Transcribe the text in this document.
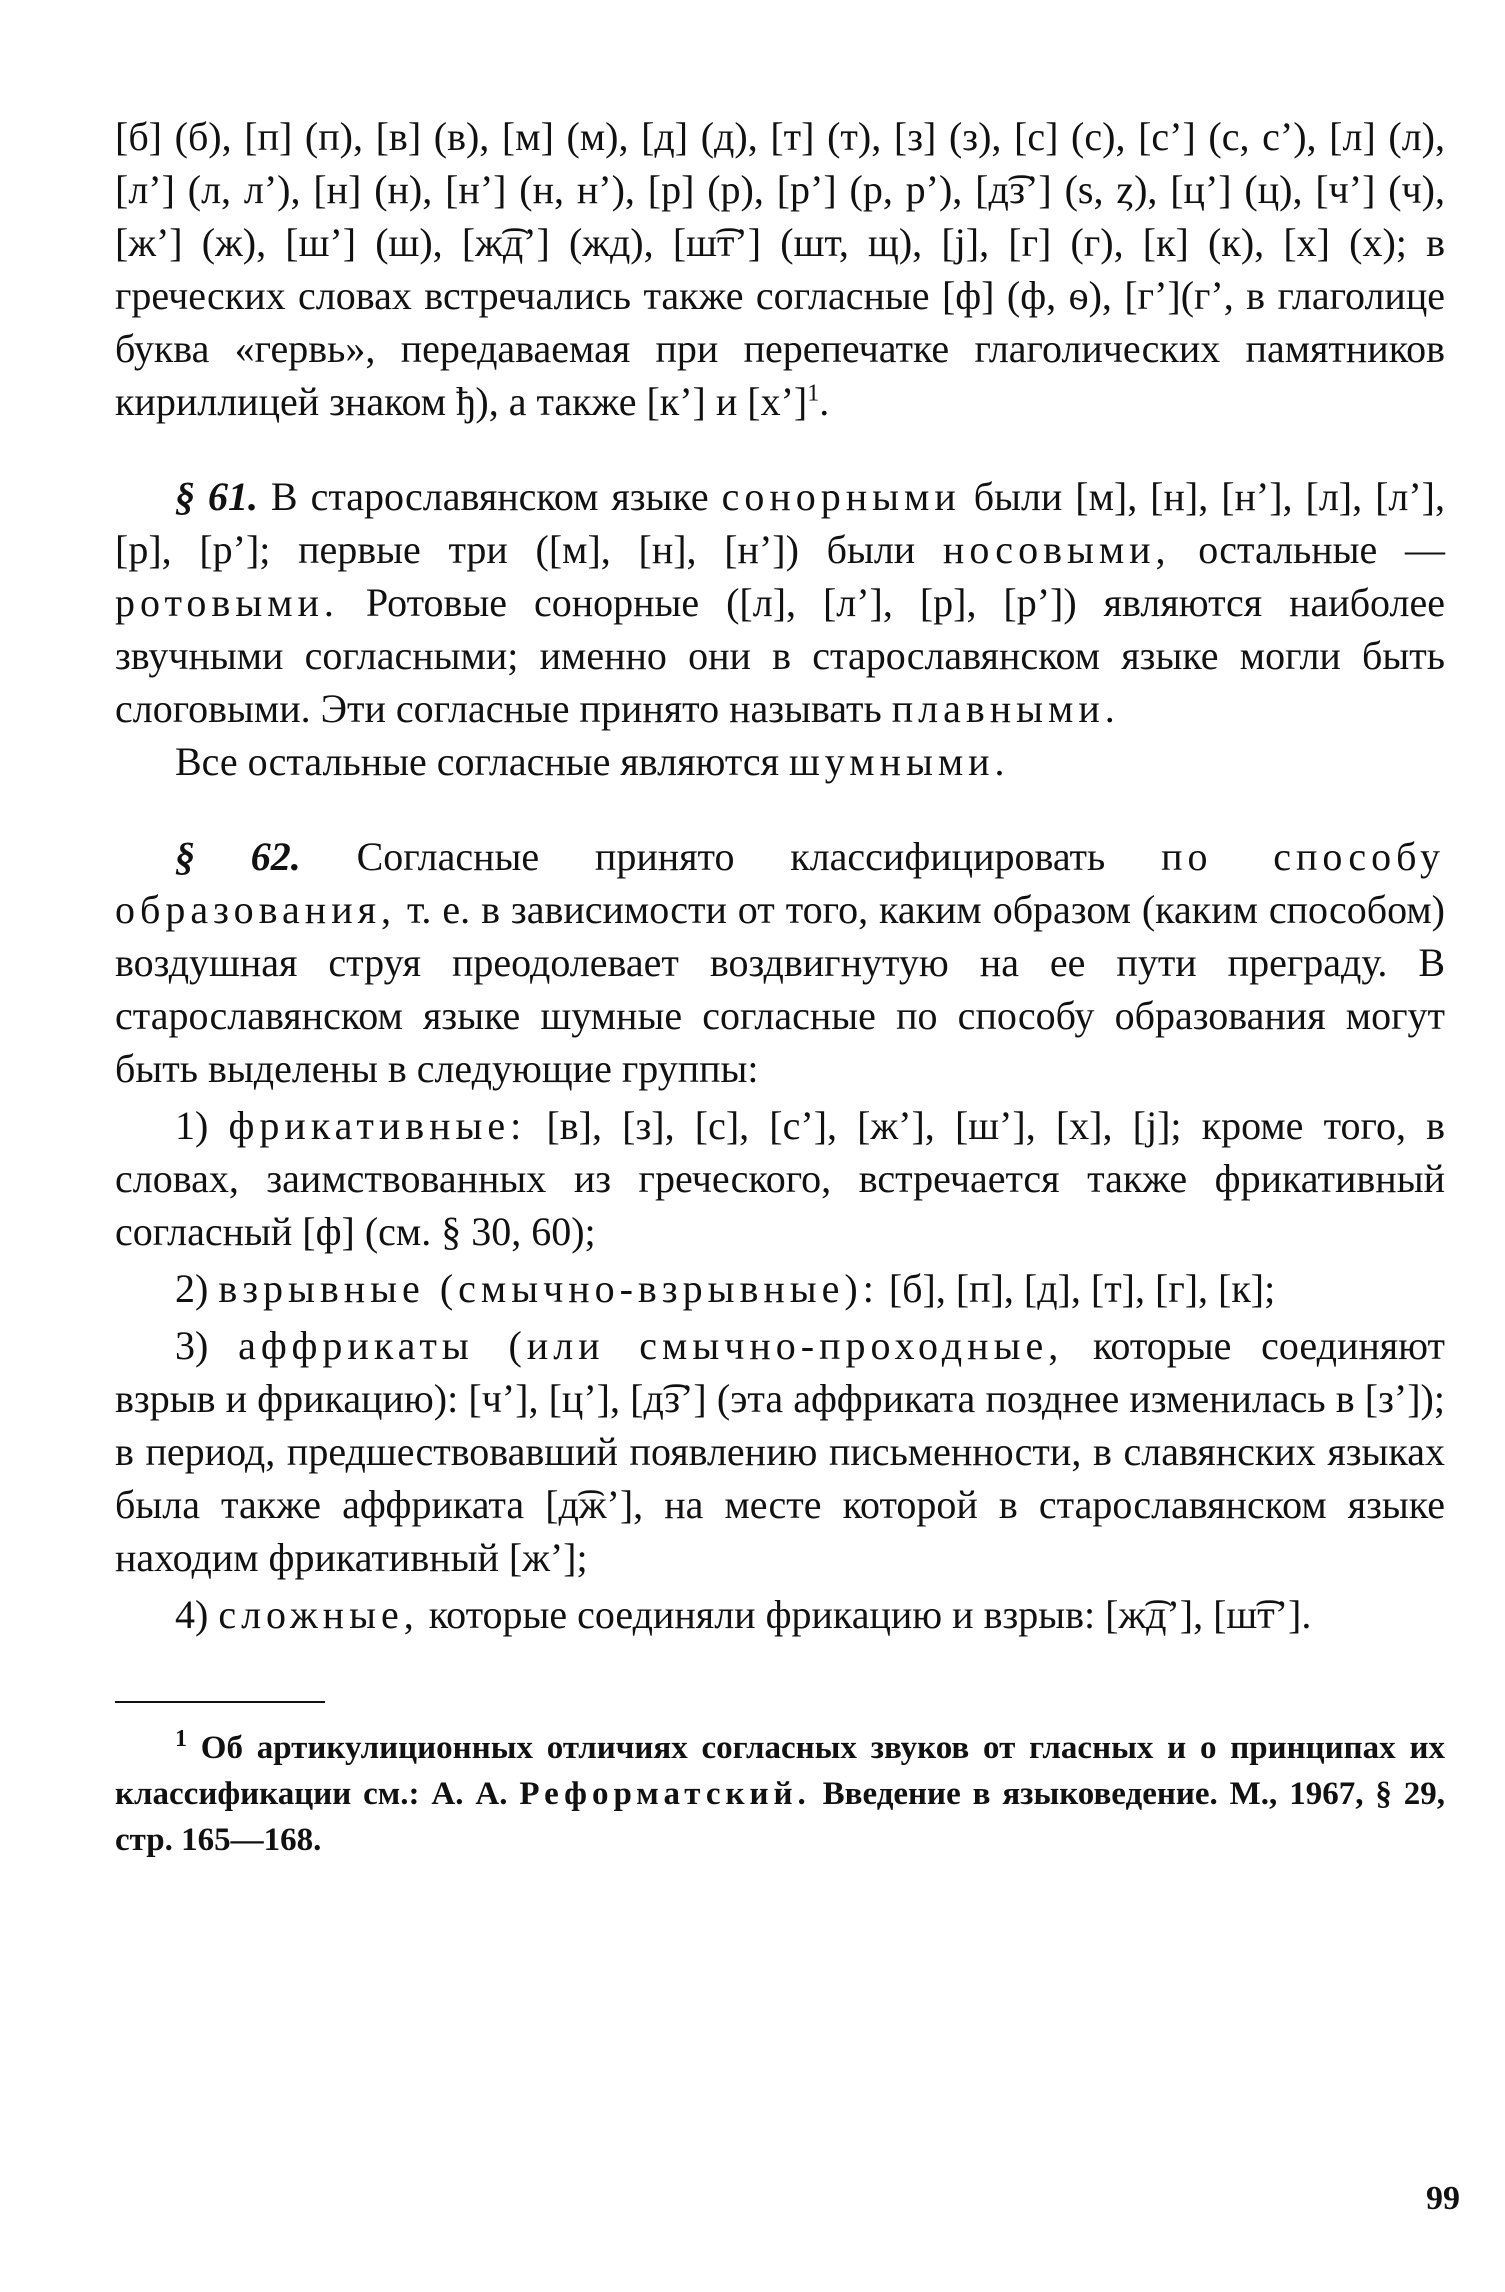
[б] (б), [п] (п), [в] (в), [м] (м), [д] (д), [т] (т), [з] (з), [с] (с), [с’] (с, с’), [л] (л), [л’] (л, л’), [н] (н), [н’] (н, н’), [р] (р), [р’] (р, р’), [д͡з’] (ѕ, ȥ), [ц’] (ц), [ч’] (ч), [ж’] (ж), [ш’] (ш), [ж͡д’] (жд), [ш͡т’] (шт, щ), [j], [г] (г), [к] (к), [х] (х); в греческих словах встречались также согласные [ф] (ф, ѳ), [г’](г’, в глаголице буква «гервь», передаваемая при перепечатке глаголических памятников кириллицей знаком ђ), а также [к’] и [х’]$^1$.

§ 61. В старославянском языке сонорными были [м], [н], [н’], [л], [л’], [р], [р’]; первые три ([м], [н], [н’]) были носовыми, остальные — ротовыми. Ротовые сонорные ([л], [л’], [р], [р’]) являются наиболее звучными согласными; именно они в старославянском языке могли быть слоговыми. Эти согласные принято называть плавными.

Все остальные согласные являются шумными.

§ 62. Согласные принято классифицировать по способу образования, т. е. в зависимости от того, каким образом (каким способом) воздушная струя преодолевает воздвигнутую на ее пути преграду. В старославянском языке шумные согласные по способу образования могут быть выделены в следующие группы:

1) фрикативные: [в], [з], [с], [с’], [ж’], [ш’], [х], [j]; кроме того, в словах, заимствованных из греческого, встречается также фрикативный согласный [ф] (см. § 30, 60);

2) взрывные (смычно-взрывные): [б], [п], [д], [т], [г], [к];

3) аффрикаты (или смычно-проходные, которые соединяют взрыв и фрикацию): [ч’], [ц’], [д͡з’] (эта аффриката позднее изменилась в [з’]); в период, предшествовавший появлению письменности, в славянских языках была также аффриката [д͡ж’], на месте которой в старославянском языке находим фрикативный [ж’];

4) сложные, которые соединяли фрикацию и взрыв: [ж͡д’], [ш͡т’].

$^1$ Об артикулиционных отличиях согласных звуков от гласных и о принципах их классификации см.: А. А. Реформатский. Введение в языковедение. М., 1967, § 29, стр. 165—168.

99
